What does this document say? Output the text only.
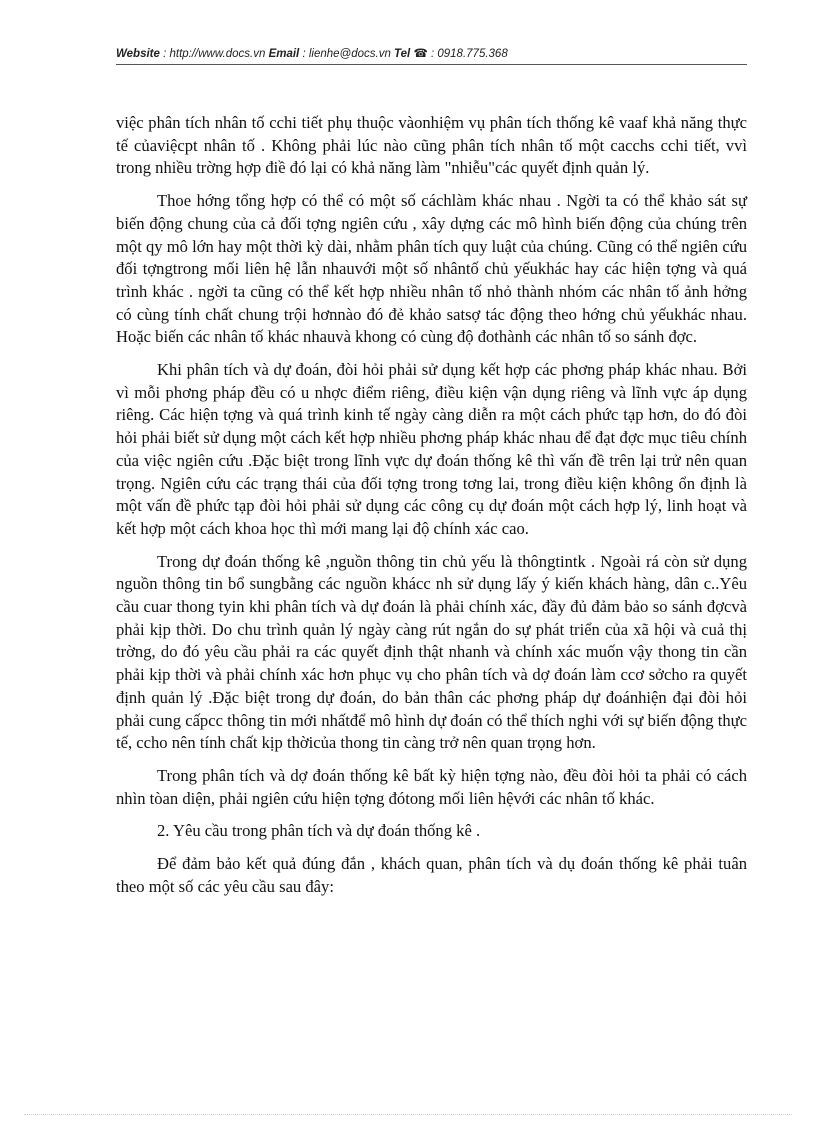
Website : http://www.docs.vn Email : lienhe@docs.vn Tel ☎ : 0918.775.368

việc phân tích nhân tố cchi tiết phụ thuộc vàonhiệm vụ phân tích thống kê vaaf khả năng thực tế củaviệcpt nhân tố . Không phải lúc nào cũng phân tích nhân tố một cacchs cchi tiết, vvì trong nhiều trờng hợp điề đó lại có khả năng làm "nhiễu"các quyết định quản lý.

Thoe hớng tổng hợp có thể có một số cáchlàm khác nhau . Ngời ta có thể khảo sát sự biến động chung của cả đối tợng ngiên cứu , xây dựng các mô hình biến động của chúng trên một qy mô lớn hay một thời kỳ dài, nhằm phân tích quy luật của chúng. Cũng có thể ngiên cứu đối tợngtrong mối liên hệ lẫn nhauvới một số nhântố chủ yếukhác hay các hiện tợng và quá trình khác . ngời ta cũng có thể kết hợp nhiều nhân tố nhỏ thành nhóm các nhân tố ảnh hởng có cùng tính chất chung trội hơnnào đó đẻ khảo satsợ tác động theo hớng chủ yếukhác nhau. Hoặc biến các nhân tố khác nhauvà khong có cùng độ đothành các nhân tố so sánh đợc.

Khi phân tích và dự đoán, đòi hỏi phải sử dụng kết hợp các phơng pháp khác nhau. Bởi vì mỗi phơng pháp đều có u nhợc điểm riêng, điều kiện vận dụng riêng và lĩnh vực áp dụng riêng. Các hiện tợng và quá trình kinh tế ngày càng diễn ra một cách phức tạp hơn, do đó đòi hỏi phải biết sử dụng một cách kết hợp nhiều phơng pháp khác nhau để đạt đợc mục tiêu chính của việc ngiên cứu .Đặc biệt trong lĩnh vực dự đoán thống kê thì vấn đề trên lại trử nên quan trọng. Ngiên cứu các trạng thái của đối tợng trong tơng lai, trong điều kiện không ổn định là một vấn đề phức tạp đòi hỏi phải sử dụng các công cụ dự đoán một cách hợp lý, linh hoạt và kết hợp một cách khoa học thì mới mang lại độ chính xác cao.

Trong dự đoán thống kê ,nguồn thông tin chủ yếu là thôngtintk . Ngoài rá còn sử dụng nguồn thông tin bổ sungbằng các nguồn khácc nh sử dụng lấy ý kiến khách hàng, dân c..Yêu cầu cuar thong tyin khi phân tích và dự đoán là phải chính xác, đầy đủ đảm bảo so sánh đợcvà phải kịp thời. Do chu trình quản lý ngày càng rút ngắn do sự phát triển của xã hội và cuả thị trờng, do đó yêu cầu phải ra các quyết định thật nhanh và chính xác muốn vậy thong tin cần phải kịp thời và phải chính xác hơn phục vụ cho phân tích và dợ đoán làm ccơ sởcho ra quyết định quản lý .Đặc biệt trong dự đoán, do bản thân các phơng pháp dự đoánhiện đại đòi hỏi phải cung cấpcc thông tin mới nhấtđể mô hình dự đoán có thể thích nghi với sự biến động thực tế, ccho nên tính chất kịp thờicủa thong tin càng trở nên quan trọng hơn.

Trong phân tích và dợ đoán thống kê bất kỳ hiện tợng nào, đều đòi hỏi ta phải có cách nhìn tòan diện, phải ngiên cứu hiện tợng đótong mối liên hệvới các nhân tố khác.

2. Yêu cầu trong phân tích và dự đoán thống kê .

Để đảm bảo kết quả đúng đắn , khách quan, phân tích và dụ đoán thống kê phải tuân theo một số các yêu cầu sau đây:
